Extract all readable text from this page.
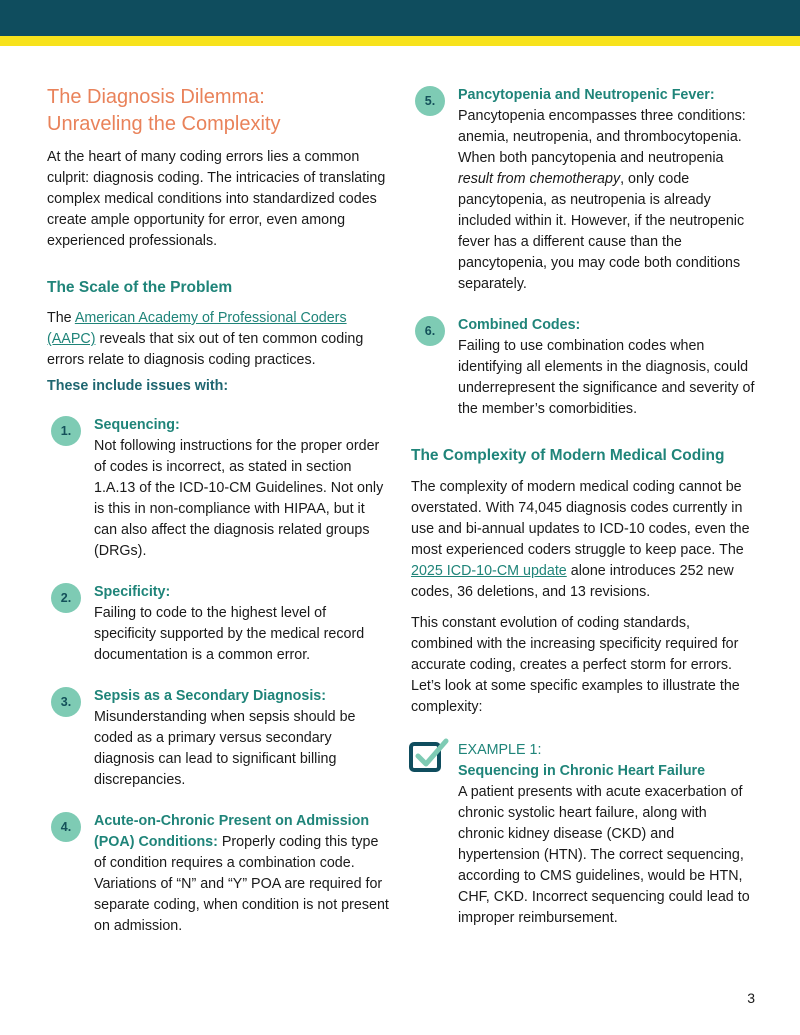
The Diagnosis Dilemma:
Unraveling the Complexity

At the heart of many coding errors lies a common culprit: diagnosis coding. The intricacies of translating complex medical conditions into standardized codes create ample opportunity for error, even among experienced professionals.

The Scale of the Problem

The American Academy of Professional Coders (AAPC) reveals that six out of ten common coding errors relate to diagnosis coding practices.

These include issues with:

1.	Sequencing:

Not following instructions for the proper order of codes is incorrect, as stated in section 1.A.13 of the ICD-10-CM Guidelines. Not only is this in non-compliance with HIPAA, but it can also affect the diagnosis related groups (DRGs).

2.	Specificity:

Failing to code to the highest level of specificity supported by the medical record documentation is a common error.

3.	Sepsis as a Secondary Diagnosis:

Misunderstanding when sepsis should be coded as a primary versus secondary diagnosis can lead to significant billing discrepancies.

4.	Acute-on-Chronic Present on Admission (POA) Conditions: Properly coding this type of condition requires a combination code. Variations of “N” and “Y” POA are required for separate coding, when condition is not present on admission.

5.	Pancytopenia and Neutropenic Fever:

Pancytopenia encompasses three conditions: anemia, neutropenia, and thrombocytopenia. When both pancytopenia and neutropenia result from chemotherapy, only code pancytopenia, as neutropenia is already included within it. However, if the neutropenic fever has a different cause than the pancytopenia, you may code both conditions separately.

6.	Combined Codes:

Failing to use combination codes when identifying all elements in the diagnosis, could underrepresent the significance and severity of the member’s comorbidities.

The Complexity of Modern Medical Coding

The complexity of modern medical coding cannot be overstated. With 74,045 diagnosis codes currently in use and bi-annual updates to ICD-10 codes, even the most experienced coders struggle to keep pace. The 2025 ICD-10-CM update alone introduces 252 new codes, 36 deletions, and 13 revisions.

This constant evolution of coding standards, combined with the increasing specificity required for accurate coding, creates a perfect storm for errors. Let’s look at some specific examples to illustrate the complexity:

EXAMPLE 1:
Sequencing in Chronic Heart Failure

A patient presents with acute exacerbation of chronic systolic heart failure, along with chronic kidney disease (CKD) and hypertension (HTN). The correct sequencing, according to CMS guidelines, would be HTN, CHF, CKD. Incorrect sequencing could lead to improper reimbursement.

3
